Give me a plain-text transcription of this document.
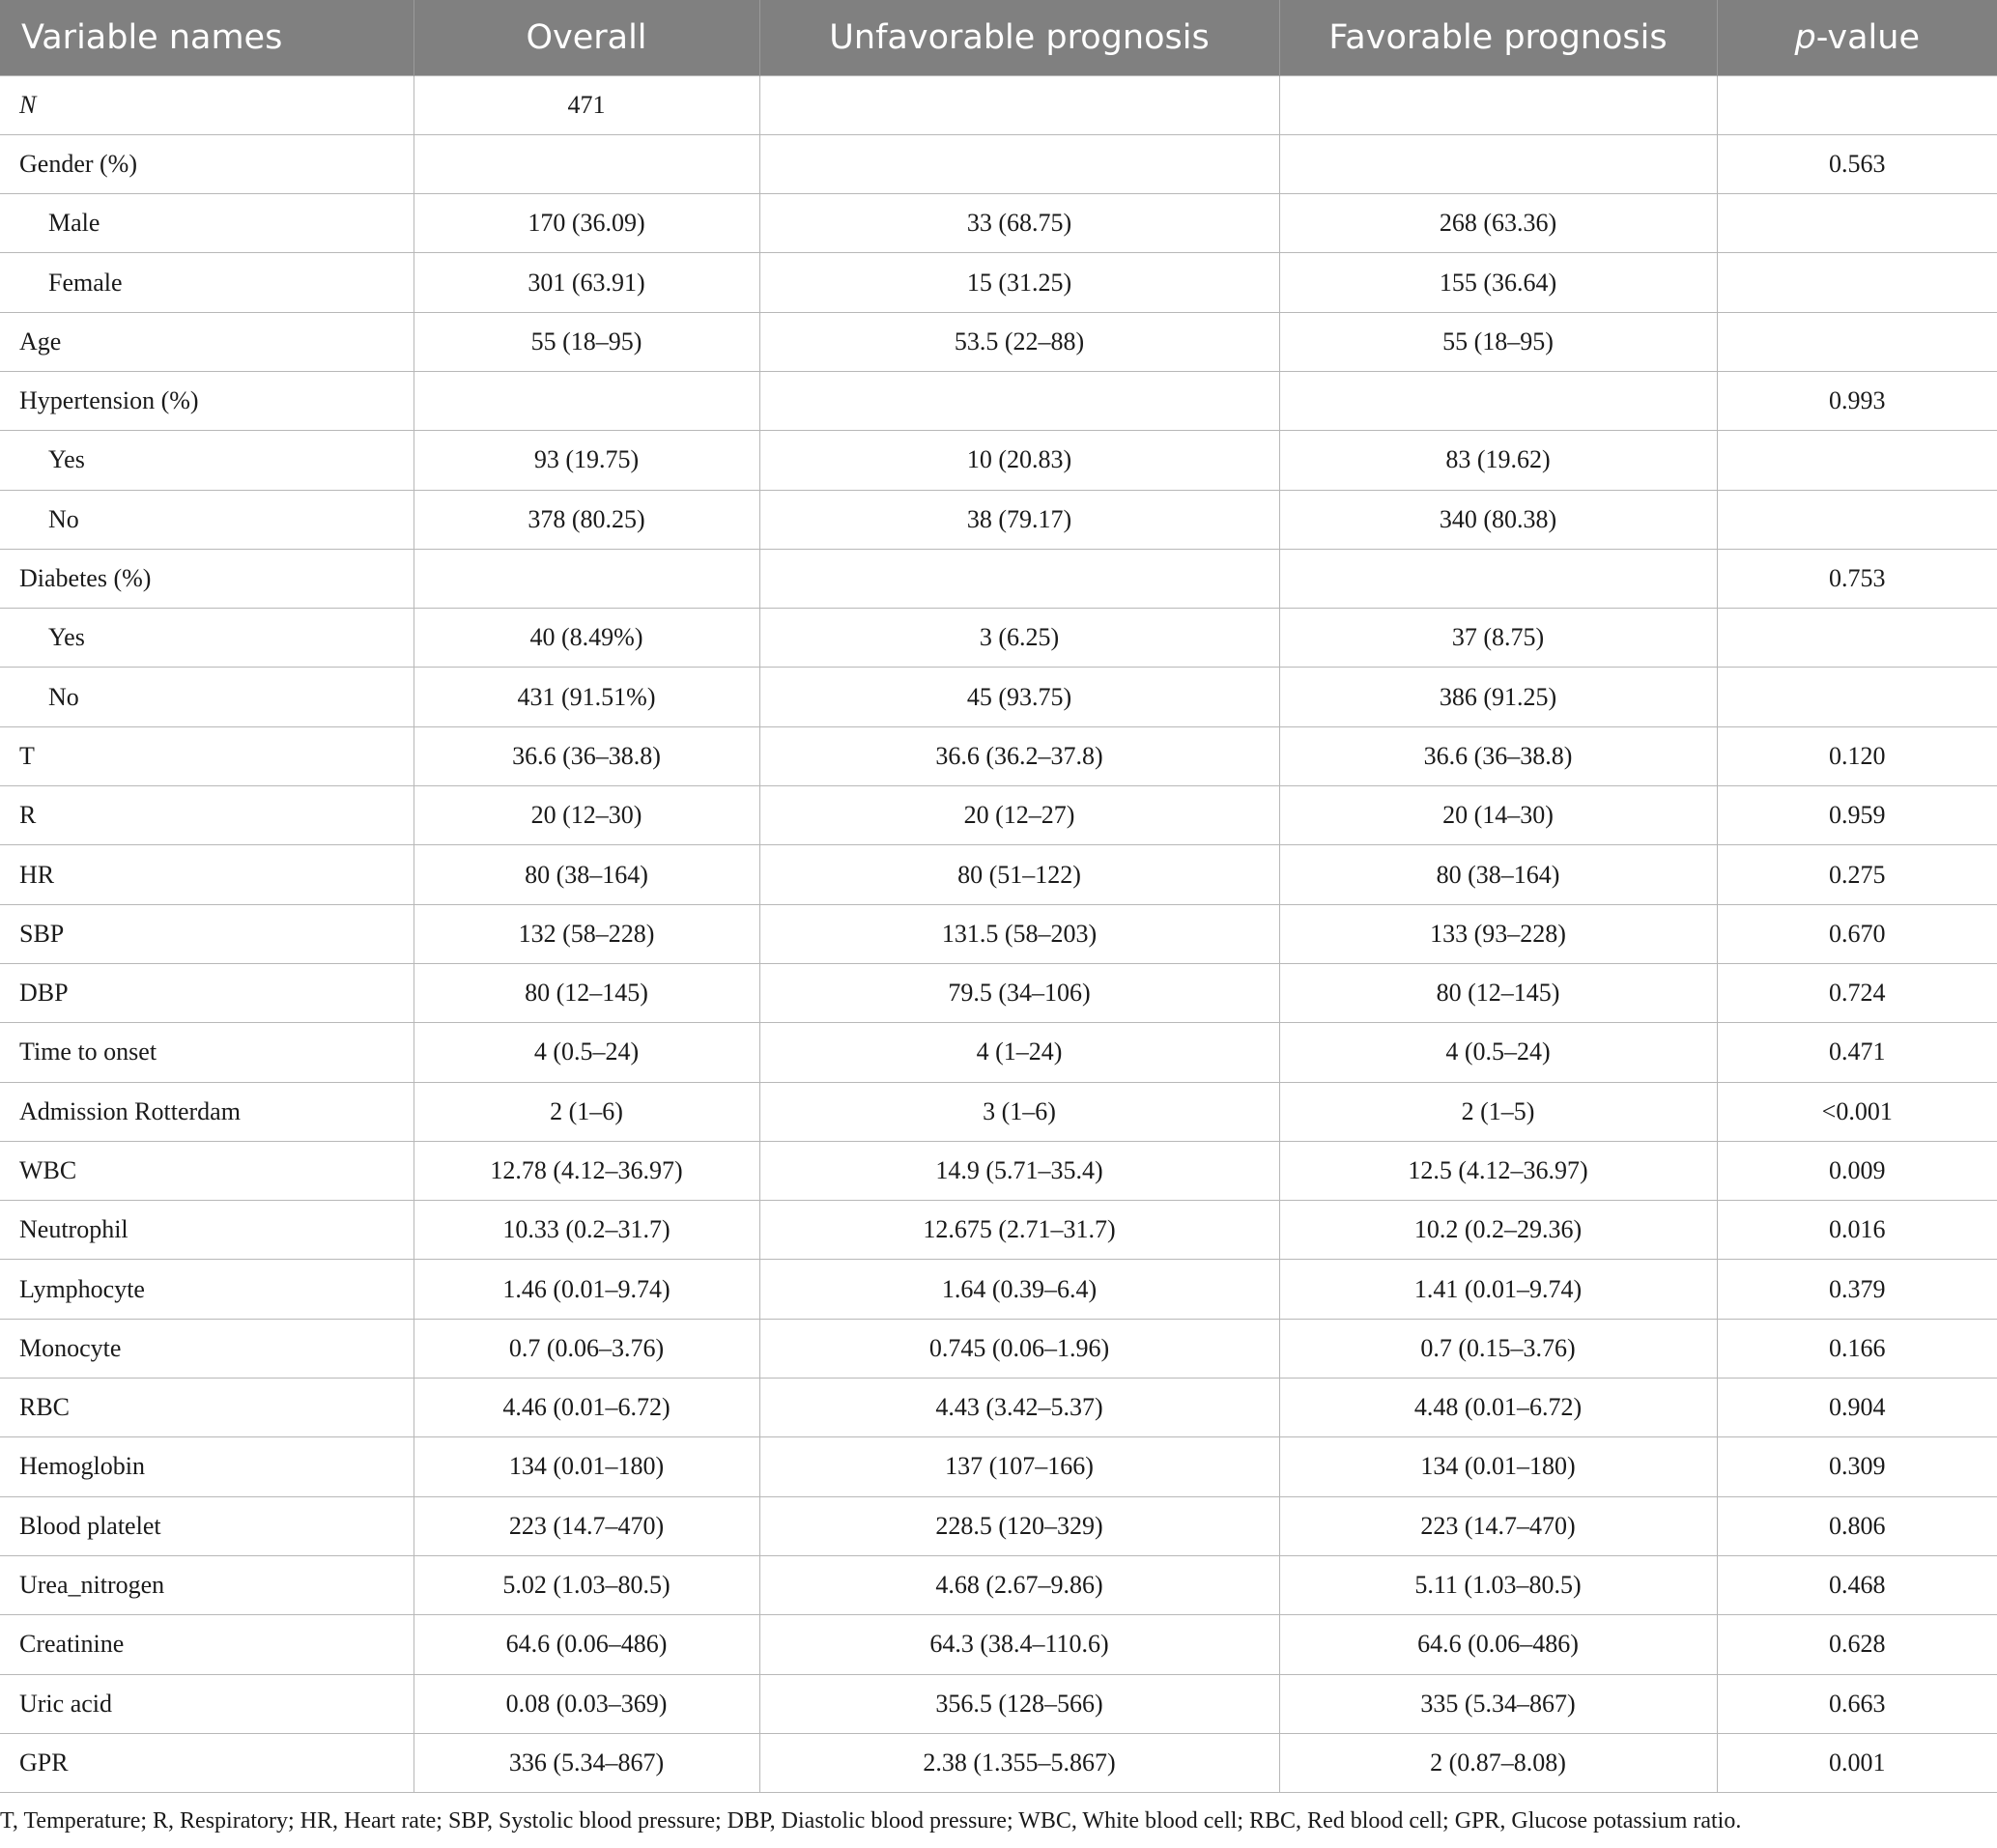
Variable names	Overall	Unfavorable prognosis	Favorable prognosis	p-value
N	471			
Gender (%)				0.563
Male	170 (36.09)	33 (68.75)	268 (63.36)	
Female	301 (63.91)	15 (31.25)	155 (36.64)	
Age	55 (18–95)	53.5 (22–88)	55 (18–95)	
Hypertension (%)				0.993
Yes	93 (19.75)	10 (20.83)	83 (19.62)	
No	378 (80.25)	38 (79.17)	340 (80.38)	
Diabetes (%)				0.753
Yes	40 (8.49%)	3 (6.25)	37 (8.75)	
No	431 (91.51%)	45 (93.75)	386 (91.25)	
T	36.6 (36–38.8)	36.6 (36.2–37.8)	36.6 (36–38.8)	0.120
R	20 (12–30)	20 (12–27)	20 (14–30)	0.959
HR	80 (38–164)	80 (51–122)	80 (38–164)	0.275
SBP	132 (58–228)	131.5 (58–203)	133 (93–228)	0.670
DBP	80 (12–145)	79.5 (34–106)	80 (12–145)	0.724
Time to onset	4 (0.5–24)	4 (1–24)	4 (0.5–24)	0.471
Admission Rotterdam	2 (1–6)	3 (1–6)	2 (1–5)	<0.001
WBC	12.78 (4.12–36.97)	14.9 (5.71–35.4)	12.5 (4.12–36.97)	0.009
Neutrophil	10.33 (0.2–31.7)	12.675 (2.71–31.7)	10.2 (0.2–29.36)	0.016
Lymphocyte	1.46 (0.01–9.74)	1.64 (0.39–6.4)	1.41 (0.01–9.74)	0.379
Monocyte	0.7 (0.06–3.76)	0.745 (0.06–1.96)	0.7 (0.15–3.76)	0.166
RBC	4.46 (0.01–6.72)	4.43 (3.42–5.37)	4.48 (0.01–6.72)	0.904
Hemoglobin	134 (0.01–180)	137 (107–166)	134 (0.01–180)	0.309
Blood platelet	223 (14.7–470)	228.5 (120–329)	223 (14.7–470)	0.806
Urea_nitrogen	5.02 (1.03–80.5)	4.68 (2.67–9.86)	5.11 (1.03–80.5)	0.468
Creatinine	64.6 (0.06–486)	64.3 (38.4–110.6)	64.6 (0.06–486)	0.628
Uric acid	0.08 (0.03–369)	356.5 (128–566)	335 (5.34–867)	0.663
GPR	336 (5.34–867)	2.38 (1.355–5.867)	2 (0.87–8.08)	0.001
T, Temperature; R, Respiratory; HR, Heart rate; SBP, Systolic blood pressure; DBP, Diastolic blood pressure; WBC, White blood cell; RBC, Red blood cell; GPR, Glucose potassium ratio.
